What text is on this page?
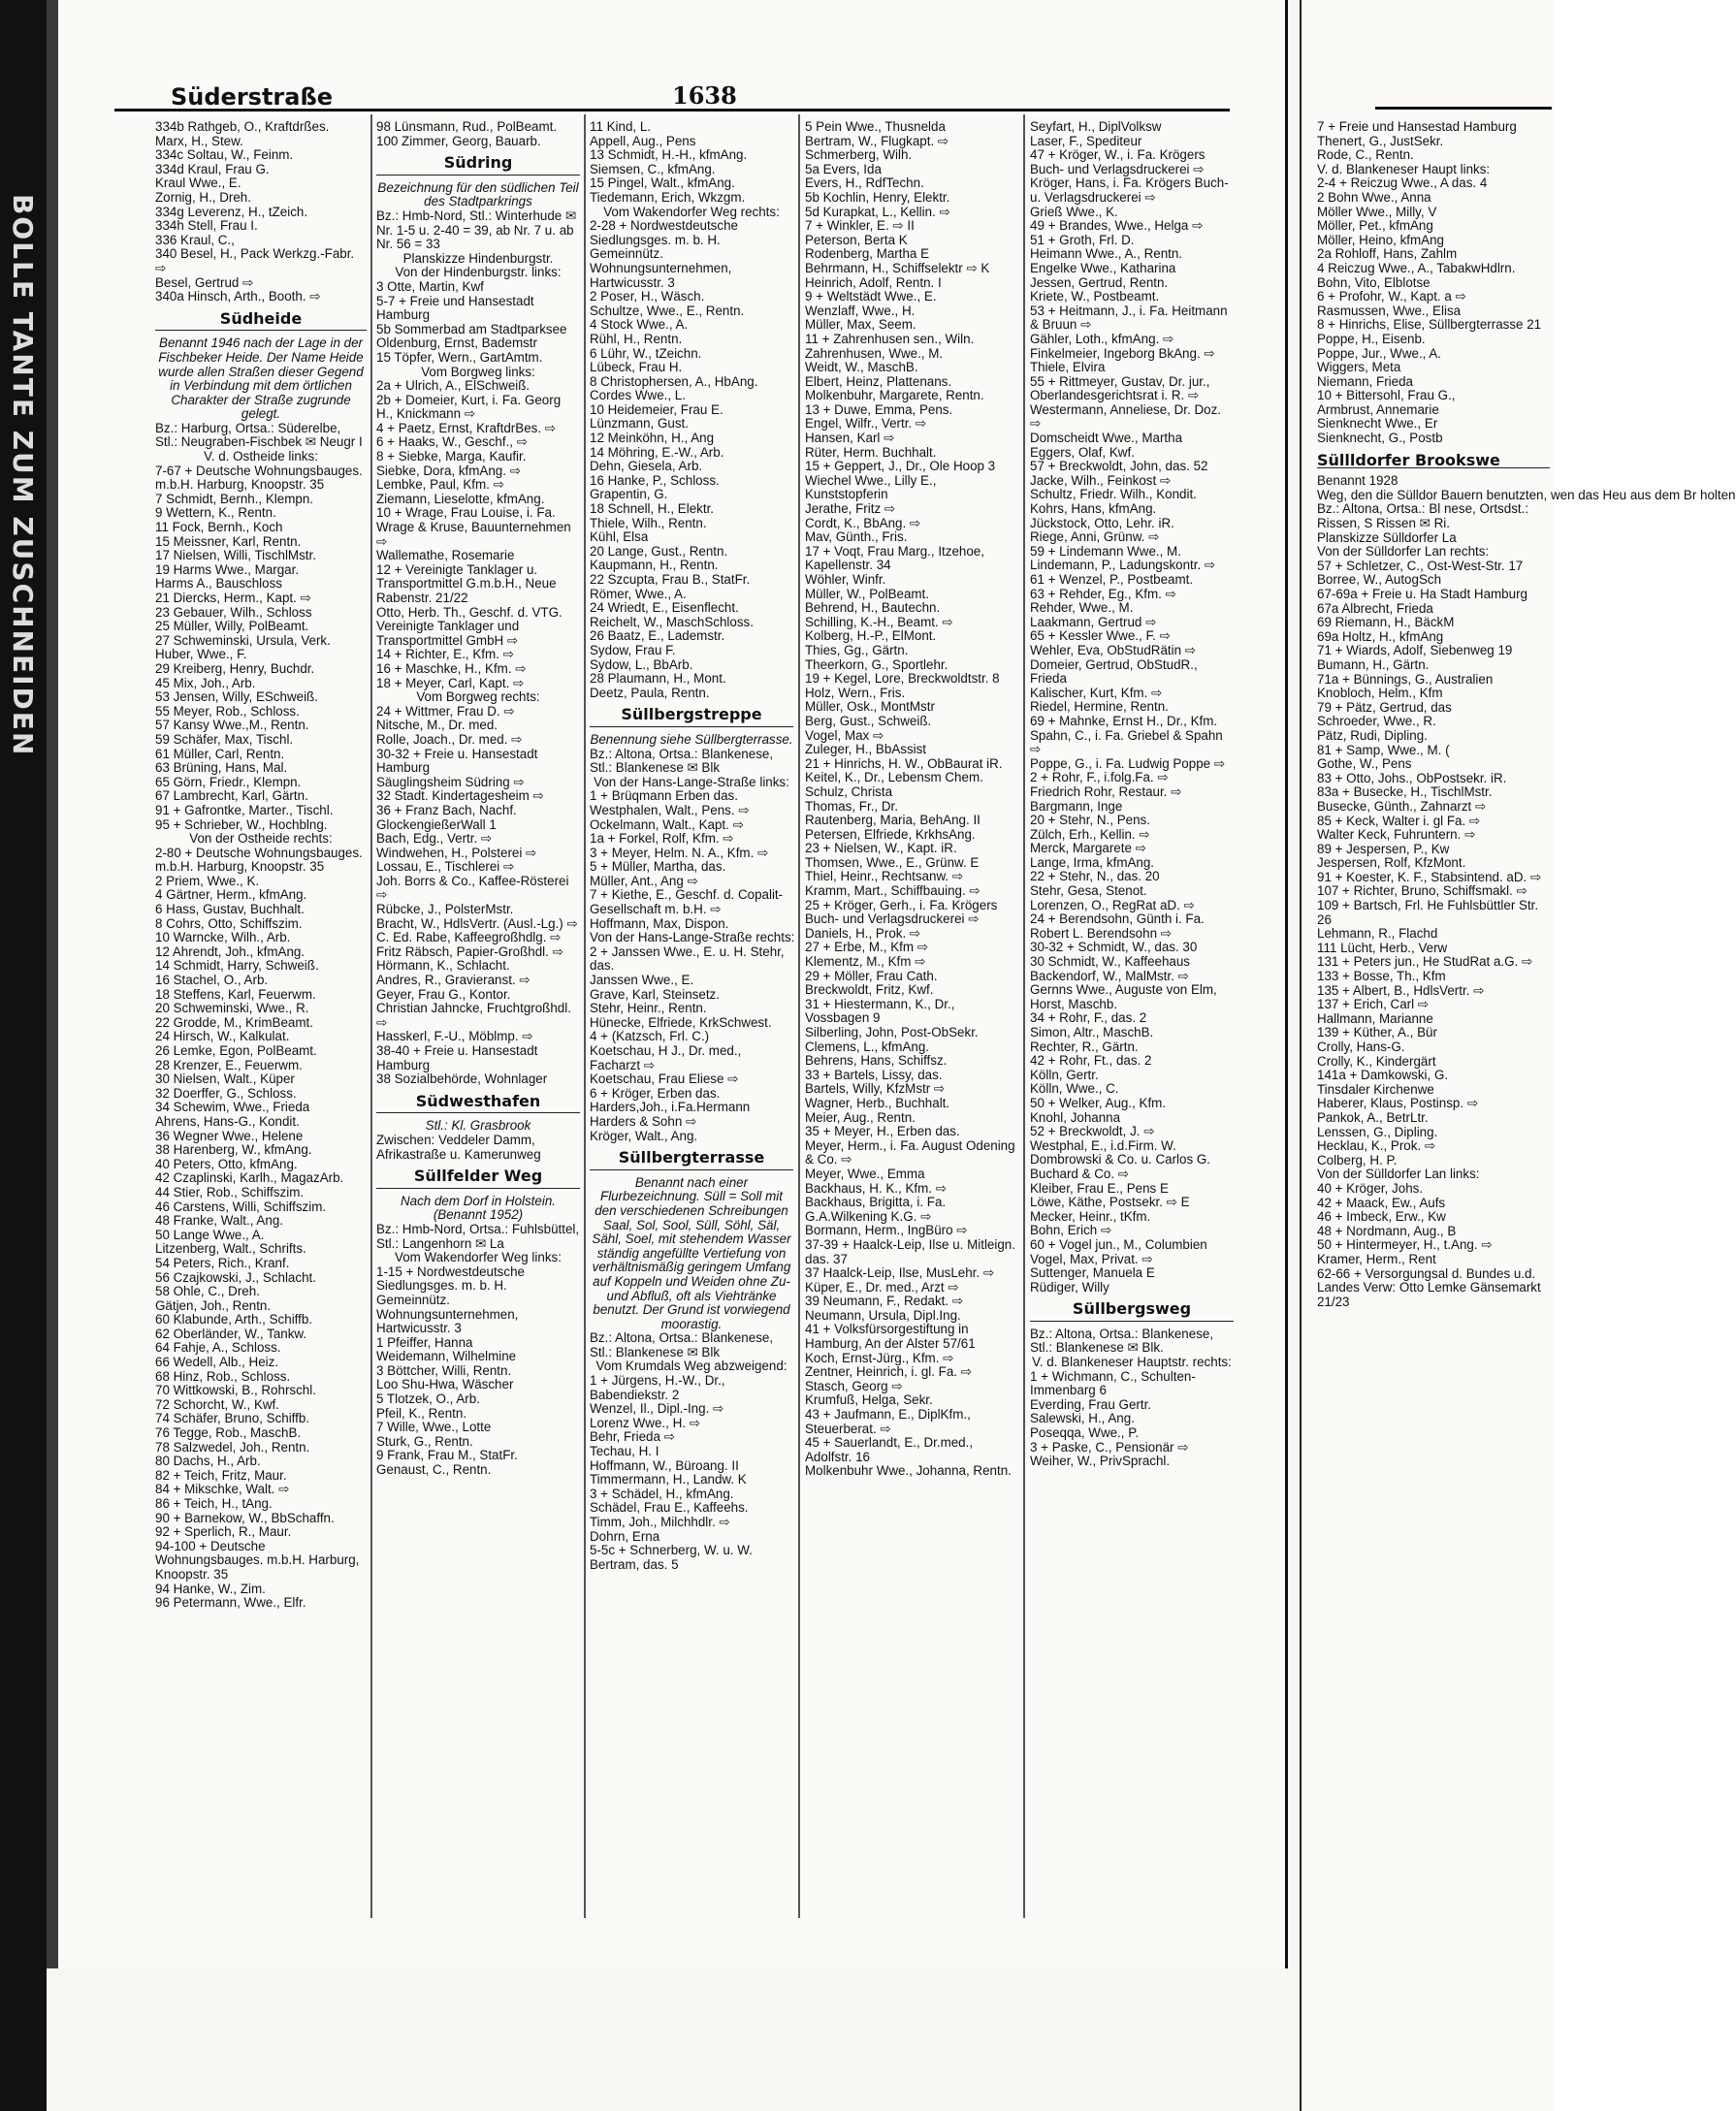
BOLLE TANTE ZUM ZUSCHNEIDEN
Süderstraße	1638
334b Rathgeb, O., Kraftdrßes.
Marx, H., Stew.
334c Soltau, W., Feinm.
334d Kraul, Frau G.
Kraul Wwe., E.
Zornig, H., Dreh.
334g Leverenz, H., tZeich.
334h Stell, Frau I.
336 Kraul, C.,
340 Besel, H., Pack Werkzg.-Fabr. ⇨
Besel, Gertrud ⇨
340a Hinsch, Arth., Booth. ⇨
Südheide
Benannt 1946 nach der Lage in der Fischbeker Heide. Der Name Heide wurde allen Straßen dieser Gegend in Verbindung mit dem örtlichen Charakter der Straße zugrunde gelegt.
Bz.: Harburg, Ortsa.: Süderelbe, Stl.: Neugraben-Fischbek ✉ Neugr I
V. d. Ostheide links:
7-67 + Deutsche Wohnungsbauges. m.b.H. Harburg, Knoopstr. 35
7 Schmidt, Bernh., Klempn.
9 Wettern, K., Rentn.
11 Fock, Bernh., Koch
15 Meissner, Karl, Rentn.
17 Nielsen, Willi, TischlMstr.
19 Harms Wwe., Margar.
Harms A., Bauschloss
21 Diercks, Herm., Kapt. ⇨
23 Gebauer, Wilh., Schloss
25 Müller, Willy, PolBeamt.
27 Schweminski, Ursula, Verk.
Huber, Wwe., F.
29 Kreiberg, Henry, Buchdr.
45 Mix, Joh., Arb.
53 Jensen, Willy, ESchweiß.
55 Meyer, Rob., Schloss.
57 Kansy Wwe.,M., Rentn.
59 Schäfer, Max, Tischl.
61 Müller, Carl, Rentn.
63 Brüning, Hans, Mal.
65 Görn, Friedr., Klempn.
67 Lambrecht, Karl, Gärtn.
91 + Gafrontke, Marter., Tischl.
95 + Schrieber, W., Hochblng.
Von der Ostheide rechts:
2-80 + Deutsche Wohnungsbauges. m.b.H. Harburg, Knoopstr. 35
2 Priem, Wwe., K.
4 Gärtner, Herm., kfmAng.
6 Hass, Gustav, Buchhalt.
8 Cohrs, Otto, Schiffszim.
10 Warncke, Wilh., Arb.
12 Ahrendt, Joh., kfmAng.
14 Schmidt, Harry, Schweiß.
16 Stachel, O., Arb.
18 Steffens, Karl, Feuerwm.
20 Schweminski, Wwe., R.
22 Grodde, M., KrimBeamt.
24 Hirsch, W., Kalkulat.
26 Lemke, Egon, PolBeamt.
28 Krenzer, E., Feuerwm.
30 Nielsen, Walt., Küper
32 Doerffer, G., Schloss.
34 Schewim, Wwe., Frieda
Ahrens, Hans-G., Kondit.
36 Wegner Wwe., Helene
38 Harenberg, W., kfmAng.
40 Peters, Otto, kfmAng.
42 Czaplinski, Karlh., MagazArb.
44 Stier, Rob., Schiffszim.
46 Carstens, Willi, Schiffszim.
48 Franke, Walt., Ang.
50 Lange Wwe., A.
Litzenberg, Walt., Schrifts.
54 Peters, Rich., Kranf.
56 Czajkowski, J., Schlacht.
58 Ohle, C., Dreh.
Gätjen, Joh., Rentn.
60 Klabunde, Arth., Schiffb.
62 Oberländer, W., Tankw.
64 Fahje, A., Schloss.
66 Wedell, Alb., Heiz.
68 Hinz, Rob., Schloss.
70 Wittkowski, B., Rohrschl.
72 Schorcht, W., Kwf.
74 Schäfer, Bruno, Schiffb.
76 Tegge, Rob., MaschB.
78 Salzwedel, Joh., Rentn.
80 Dachs, H., Arb.
82 + Teich, Fritz, Maur.
84 + Mikschke, Walt. ⇨
86 + Teich, H., tAng.
90 + Barnekow, W., BbSchaffn.
92 + Sperlich, R., Maur.
94-100 + Deutsche Wohnungsbauges. m.b.H. Harburg, Knoopstr. 35
94 Hanke, W., Zim.
96 Petermann, Wwe., Elfr.
98 Lünsmann, Rud., PolBeamt.
100 Zimmer, Georg, Bauarb.
Südring
Bezeichnung für den südlichen Teil des Stadtparkrings
Bz.: Hmb-Nord, Stl.: Winterhude ✉ Nr. 1-5 u. 2-40 = 39, ab Nr. 7 u. ab Nr. 56 = 33
Planskizze Hindenburgstr.
Von der Hindenburgstr. links:
3 Otte, Martin, Kwf
5-7 + Freie und Hansestadt Hamburg
5b Sommerbad am Stadtparksee
Oldenburg, Ernst, Bademstr
15 Töpfer, Wern., GartAmtm.
Vom Borgweg links:
2a + Ulrich, A., ElSchweiß.
2b + Domeier, Kurt, i. Fa. Georg H., Knickmann ⇨
4 + Paetz, Ernst, KraftdrBes. ⇨
6 + Haaks, W., Geschf., ⇨
8 + Siebke, Marga, Kaufir.
Siebke, Dora, kfmAng. ⇨
Lembke, Paul, Kfm. ⇨
Ziemann, Lieselotte, kfmAng.
10 + Wrage, Frau Louise, i. Fa.
Wrage & Kruse, Bauunternehmen ⇨
Wallemathe, Rosemarie
12 + Vereinigte Tanklager u. Transportmittel G.m.b.H., Neue Rabenstr. 21/22
Otto, Herb. Th., Geschf. d. VTG. Vereinigte Tanklager und Transportmittel GmbH ⇨
14 + Richter, E., Kfm. ⇨
16 + Maschke, H., Kfm. ⇨
18 + Meyer, Carl, Kapt. ⇨
Vom Borgweg rechts:
24 + Wittmer, Frau D. ⇨
Nitsche, M., Dr. med.
Rolle, Joach., Dr. med. ⇨
30-32 + Freie u. Hansestadt Hamburg
Säuglingsheim Südring ⇨
32 Stadt. Kindertagesheim ⇨
36 + Franz Bach, Nachf. GlockengießerWall 1
Bach, Edg., Vertr. ⇨
Windwehen, H., Polsterei ⇨
Lossau, E., Tischlerei ⇨
Joh. Borrs & Co., Kaffee-Rösterei ⇨
Rübcke, J., PolsterMstr.
Bracht, W., HdlsVertr. (Ausl.-Lg.) ⇨
C. Ed. Rabe, Kaffeegroßhdlg. ⇨
Fritz Räbsch, Papier-Großhdl. ⇨
Hörmann, K., Schlacht.
Andres, R., Gravieranst. ⇨
Geyer, Frau G., Kontor.
Christian Jahncke, Fruchtgroßhdl. ⇨
Hasskerl, F.-U., Möblmp. ⇨
38-40 + Freie u. Hansestadt Hamburg
38 Sozialbehörde, Wohnlager
Südwesthafen
Stl.: Kl. Grasbrook
Zwischen: Veddeler Damm, Afrikastraße u. Kamerunweg
Süllfelder Weg
Nach dem Dorf in Holstein. (Benannt 1952)
Bz.: Hmb-Nord, Ortsa.: Fuhlsbüttel, Stl.: Langenhorn ✉ La
Vom Wakendorfer Weg links:
1-15 + Nordwestdeutsche Siedlungsges. m. b. H. Gemeinnütz. Wohnungsunternehmen, Hartwicusstr. 3
1 Pfeiffer, Hanna
Weidemann, Wilhelmine
3 Böttcher, Willi, Rentn.
Loo Shu-Hwa, Wäscher
5 Tlotzek, O., Arb.
Pfeil, K., Rentn.
7 Wille, Wwe., Lotte
Sturk, G., Rentn.
9 Frank, Frau M., StatFr.
Genaust, C., Rentn.
11 Kind, L.
Appell, Aug., Pens
13 Schmidt, H.-H., kfmAng.
Siemsen, C., kfmAng.
15 Pingel, Walt., kfmAng.
Tiedemann, Erich, Wkzgm.
Vom Wakendorfer Weg rechts:
2-28 + Nordwestdeutsche Siedlungsges. m. b. H. Gemeinnütz. Wohnungsunternehmen, Hartwicusstr. 3
2 Poser, H., Wäsch.
Schultze, Wwe., E., Rentn.
4 Stock Wwe., A.
Rühl, H., Rentn.
6 Lühr, W., tZeichn.
Lübeck, Frau H.
8 Christophersen, A., HbAng.
Cordes Wwe., L.
10 Heidemeier, Frau E.
Lünzmann, Gust.
12 Meinköhn, H., Ang
14 Möhring, E.-W., Arb.
Dehn, Giesela, Arb.
16 Hanke, P., Schloss.
Grapentin, G.
18 Schnell, H., Elektr.
Thiele, Wilh., Rentn.
Kühl, Elsa
20 Lange, Gust., Rentn.
Kaupmann, H., Rentn.
22 Szcupta, Frau B., StatFr.
Römer, Wwe., A.
24 Wriedt, E., Eisenflecht.
Reichelt, W., MaschSchloss.
26 Baatz, E., Lademstr.
Sydow, Frau F.
Sydow, L., BbArb.
28 Plaumann, H., Mont.
Deetz, Paula, Rentn.
Süllbergstreppe
Benennung siehe Süllbergterrasse.
Bz.: Altona, Ortsa.: Blankenese, Stl.: Blankenese ✉ Blk
Von der Hans-Lange-Straße links:
1 + Brüqmann Erben das. Westphalen, Walt., Pens. ⇨
Ockelmann, Walt., Kapt. ⇨
1a + Forkel, Rolf, Kfm. ⇨
3 + Meyer, Helm. N. A., Kfm. ⇨
5 + Müller, Martha, das.
Müller, Ant., Ang ⇨
7 + Kiethe, E., Geschf. d. Copalit-Gesellschaft m. b.H. ⇨
Hoffmann, Max, Dispon.
Von der Hans-Lange-Straße rechts:
2 + Janssen Wwe., E. u. H. Stehr, das.
Janssen Wwe., E.
Grave, Karl, Steinsetz.
Stehr, Heinr., Rentn.
Hünecke, Elfriede, KrkSchwest.
4 + (Katzsch, Frl. C.)
Koetschau, H J., Dr. med., Facharzt ⇨
Koetschau, Frau Eliese ⇨
6 + Kröger, Erben das.
Harders,Joh., i.Fa.Hermann Harders & Sohn ⇨
Kröger, Walt., Ang.
Süllbergterrasse
Benannt nach einer Flurbezeichnung. Süll = Soll mit den verschiedenen Schreibungen Saal, Sol, Sool, Süll, Söhl, Säl, Sähl, Soel, mit stehendem Wasser ständig angefüllte Vertiefung von verhältnismäßig geringem Umfang auf Koppeln und Weiden ohne Zu- und Abfluß, oft als Viehtränke benutzt. Der Grund ist vorwiegend moorastig.
Bz.: Altona, Ortsa.: Blankenese, Stl.: Blankenese ✉ Blk
Vom Krumdals Weg abzweigend:
1 + Jürgens, H.-W., Dr., Babendiekstr. 2
Wenzel, Il., Dipl.-Ing. ⇨
Lorenz Wwe., H. ⇨
Behr, Frieda ⇨
Techau, H. I
Hoffmann, W., Büroang. II
Timmermann, H., Landw. K
3 + Schädel, H., kfmAng.
Schädel, Frau E., Kaffeehs.
Timm, Joh., Milchhdlr. ⇨
Dohrn, Erna
5-5c + Schnerberg, W. u. W. Bertram, das. 5
5 Pein Wwe., Thusnelda
Bertram, W., Flugkapt. ⇨
Schmerberg, Wilh.
5a Evers, Ida
Evers, H., RdfTechn.
5b Kochlin, Henry, Elektr.
5d Kurapkat, L., Kellin. ⇨
7 + Winkler, E. ⇨ II
Peterson, Berta K
Rodenberg, Martha E
Behrmann, H., Schiffselektr ⇨ K
Heinrich, Adolf, Rentn. I
9 + Weltstädt Wwe., E.
Wenzlaff, Wwe., H.
Müller, Max, Seem.
11 + Zahrenhusen sen., Wiln.
Zahrenhusen, Wwe., M.
Weidt, W., MaschB.
Elbert, Heinz, Plattenans.
Molkenbuhr, Margarete, Rentn.
13 + Duwe, Emma, Pens.
Engel, Wilfr., Vertr. ⇨
Hansen, Karl ⇨
Rüter, Herm. Buchhalt.
15 + Geppert, J., Dr., Ole Hoop 3
Wiechel Wwe., Lilly E., Kunststopferin
Jerathe, Fritz ⇨
Cordt, K., BbAng. ⇨
Mav, Günth., Fris.
17 + Voqt, Frau Marg., Itzehoe, Kapellenstr. 34
Wöhler, Winfr.
Müller, W., PolBeamt.
Behrend, H., Bautechn.
Schilling, K.-H., Beamt. ⇨
Kolberg, H.-P., ElMont.
Thies, Gg., Gärtn.
Theerkorn, G., Sportlehr.
19 + Kegel, Lore, Breckwoldtstr. 8
Holz, Wern., Fris.
Müller, Osk., MontMstr
Berg, Gust., Schweiß.
Vogel, Max ⇨
Zuleger, H., BbAssist
21 + Hinrichs, H. W., ObBaurat iR.
Keitel, K., Dr., Lebensm Chem.
Schulz, Christa
Thomas, Fr., Dr.
Rautenberg, Maria, BehAng. II
Petersen, Elfriede, KrkhsAng.
23 + Nielsen, W., Kapt. iR.
Thomsen, Wwe., E., Grünw. E
Thiel, Heinr., Rechtsanw. ⇨
Kramm, Mart., Schiffbauing. ⇨
25 + Kröger, Gerh., i. Fa. Krögers Buch- und Verlagsdruckerei ⇨
Daniels, H., Prok. ⇨
27 + Erbe, M., Kfm ⇨
Klementz, M., Kfm ⇨
29 + Möller, Frau Cath.
Breckwoldt, Fritz, Kwf.
31 + Hiestermann, K., Dr., Vossbagen 9
Silberling, John, Post-ObSekr.
Clemens, L., kfmAng.
Behrens, Hans, Schiffsz.
33 + Bartels, Lissy, das.
Bartels, Willy, KfzMstr ⇨
Wagner, Herb., Buchhalt.
Meier, Aug., Rentn.
35 + Meyer, H., Erben das.
Meyer, Herm., i. Fa. August Odening & Co. ⇨
Meyer, Wwe., Emma
Backhaus, H. K., Kfm. ⇨
Backhaus, Brigitta, i. Fa. G.A.Wilkening K.G. ⇨
Bormann, Herm., IngBüro ⇨
37-39 + Haalck-Leip, Ilse u. Mitleign. das. 37
37 Haalck-Leip, Ilse, MusLehr. ⇨
Küper, E., Dr. med., Arzt ⇨
39 Neumann, F., Redakt. ⇨
Neumann, Ursula, Dipl.Ing.
41 + Volksfürsorgestiftung in Hamburg, An der Alster 57/61
Koch, Ernst-Jürg., Kfm. ⇨
Zentner, Heinrich, i. gl. Fa. ⇨
Stasch, Georg ⇨
Krumfuß, Helga, Sekr.
43 + Jaufmann, E., DiplKfm., Steuerberat. ⇨
45 + Sauerlandt, E., Dr.med., Adolfstr. 16
Molkenbuhr Wwe., Johanna, Rentn.
Seyfart, H., DiplVolksw
Laser, F., Spediteur
47 + Kröger, W., i. Fa. Krögers Buch- und Verlagsdruckerei ⇨
Kröger, Hans, i. Fa. Krögers Buch- u. Verlagsdruckerei ⇨
Grieß Wwe., K.
49 + Brandes, Wwe., Helga ⇨
51 + Groth, Frl. D.
Heimann Wwe., A., Rentn.
Engelke Wwe., Katharina
Jessen, Gertrud, Rentn.
Kriete, W., Postbeamt.
53 + Heitmann, J., i. Fa. Heitmann & Bruun ⇨
Gähler, Loth., kfmAng. ⇨
Finkelmeier, Ingeborg BkAng. ⇨
Thiele, Elvira
55 + Rittmeyer, Gustav, Dr. jur., Oberlandesgerichtsrat i. R. ⇨
Westermann, Anneliese, Dr. Doz. ⇨
Domscheidt Wwe., Martha
Eggers, Olaf, Kwf.
57 + Breckwoldt, John, das. 52
Jacke, Wilh., Feinkost ⇨
Schultz, Friedr. Wilh., Kondit.
Kohrs, Hans, kfmAng.
Jückstock, Otto, Lehr. iR.
Riege, Anni, Grünw. ⇨
59 + Lindemann Wwe., M.
Lindemann, P., Ladungskontr. ⇨
61 + Wenzel, P., Postbeamt.
63 + Rehder, Eg., Kfm. ⇨
Rehder, Wwe., M.
Laakmann, Gertrud ⇨
65 + Kessler Wwe., F. ⇨
Wehler, Eva, ObStudRätin ⇨
Domeier, Gertrud, ObStudR., Frieda
Kalischer, Kurt, Kfm. ⇨
Riedel, Hermine, Rentn.
69 + Mahnke, Ernst H., Dr., Kfm.
Spahn, C., i. Fa. Griebel & Spahn ⇨
Poppe, G., i. Fa. Ludwig Poppe ⇨
2 + Rohr, F., i.folg.Fa. ⇨
Friedrich Rohr, Restaur. ⇨
Bargmann, Inge
20 + Stehr, N., Pens.
Zülch, Erh., Kellin. ⇨
Merck, Margarete ⇨
Lange, Irma, kfmAng.
22 + Stehr, N., das. 20
Stehr, Gesa, Stenot.
Lorenzen, O., RegRat aD. ⇨
24 + Berendsohn, Günth i. Fa. Robert L. Berendsohn ⇨
30-32 + Schmidt, W., das. 30
30 Schmidt, W., Kaffeehaus Backendorf, W., MalMstr. ⇨
Gernns Wwe., Auguste von Elm, Horst, Maschb.
34 + Rohr, F., das. 2
Simon, Altr., MaschB.
Rechter, R., Gärtn.
42 + Rohr, Ft., das. 2
Kölln, Gertr.
Kölln, Wwe., C.
50 + Welker, Aug., Kfm.
Knohl, Johanna
52 + Breckwoldt, J. ⇨
Westphal, E., i.d.Firm. W. Dombrowski & Co. u. Carlos G. Buchard & Co. ⇨
Kleiber, Frau E., Pens E
Löwe, Käthe, Postsekr. ⇨ E
Mecker, Heinr., tKfm.
Bohn, Erich ⇨
60 + Vogel jun., M., Columbien
Vogel, Max, Privat. ⇨
Suttenger, Manuela E
Rüdiger, Willy
Süllbergsweg
Bz.: Altona, Ortsa.: Blankenese, Stl.: Blankenese ✉ Blk.
V. d. Blankeneser Hauptstr. rechts:
1 + Wichmann, C., Schulten-Immenbarg 6
Everding, Frau Gertr.
Salewski, H., Ang.
Poseqqa, Wwe., P.
3 + Paske, C., Pensionär ⇨
Weiher, W., PrivSprachl.
7 + Freie und Hansestad Hamburg
Thenert, G., JustSekr.
Rode, C., Rentn.
V. d. Blankeneser Haupt links:
2-4 + Reiczug Wwe., A das. 4
2 Bohn Wwe., Anna
Möller Wwe., Milly, V
Möller, Pet., kfmAng
Möller, Heino, kfmAng
2a Rohloff, Hans, Zahlm
4 Reiczug Wwe., A., TabakwHdlrn.
Bohn, Vito, Elblotse
6 + Profohr, W., Kapt. a ⇨
Rasmussen, Wwe., Elisa
8 + Hinrichs, Elise, Süllbergterrasse 21
Poppe, H., Eisenb.
Poppe, Jur., Wwe., A.
Wiggers, Meta
Niemann, Frieda
10 + Bittersohl, Frau G.,
Armbrust, Annemarie
Sienknecht Wwe., Er
Sienknecht, G., Postb
Süllldorfer Brookswe
Benannt 1928
Weg, den die Sülldor Bauern benutzten, wen das Heu aus dem Br holten
Bz.: Altona, Ortsa.: Bl nese, Ortsdst.: Rissen, S Rissen ✉ Ri.
Planskizze Sülldorfer La
Von der Sülldorfer Lan rechts:
57 + Schletzer, C., Ost-West-Str. 17
Borree, W., AutogSch
67-69a + Freie u. Ha Stadt Hamburg
67a Albrecht, Frieda
69 Riemann, H., BäckM
69a Holtz, H., kfmAng
71 + Wiards, Adolf, Siebenweg 19
Bumann, H., Gärtn.
71a + Bünnings, G., Australien
Knobloch, Helm., Kfm
79 + Pätz, Gertrud, das
Schroeder, Wwe., R.
Pätz, Rudi, Dipling.
81 + Samp, Wwe., M. (
Gothe, W., Pens
83 + Otto, Johs., ObPostsekr. iR.
83a + Busecke, H., TischlMstr.
Busecke, Günth., Zahnarzt ⇨
85 + Keck, Walter i. gl Fa. ⇨
Walter Keck, Fuhruntern. ⇨
89 + Jespersen, P., Kw
Jespersen, Rolf, KfzMont.
91 + Koester, K. F., Stabsintend. aD. ⇨
107 + Richter, Bruno, Schiffsmakl. ⇨
109 + Bartsch, Frl. He Fuhlsbüttler Str. 26
Lehmann, R., Flachd
111 Lücht, Herb., Verw
131 + Peters jun., He StudRat a.G. ⇨
133 + Bosse, Th., Kfm
135 + Albert, B., HdlsVertr. ⇨
137 + Erich, Carl ⇨
Hallmann, Marianne
139 + Küther, A., Bür
Crolly, Hans-G.
Crolly, K., Kindergärt
141a + Damkowski, G.
Tinsdaler Kirchenwe
Haberer, Klaus, Postinsp. ⇨
Pankok, A., BetrLtr.
Lenssen, G., Dipling.
Hecklau, K., Prok. ⇨
Colberg, H. P.
Von der Sülldorfer Lan links:
40 + Kröger, Johs.
42 + Maack, Ew., Aufs
46 + Imbeck, Erw., Kw
48 + Nordmann, Aug., B
50 + Hintermeyer, H., t.Ang. ⇨
Kramer, Herm., Rent
62-66 + Versorgungsal d. Bundes u.d. Landes Verw: Otto Lemke Gänsemarkt 21/23
